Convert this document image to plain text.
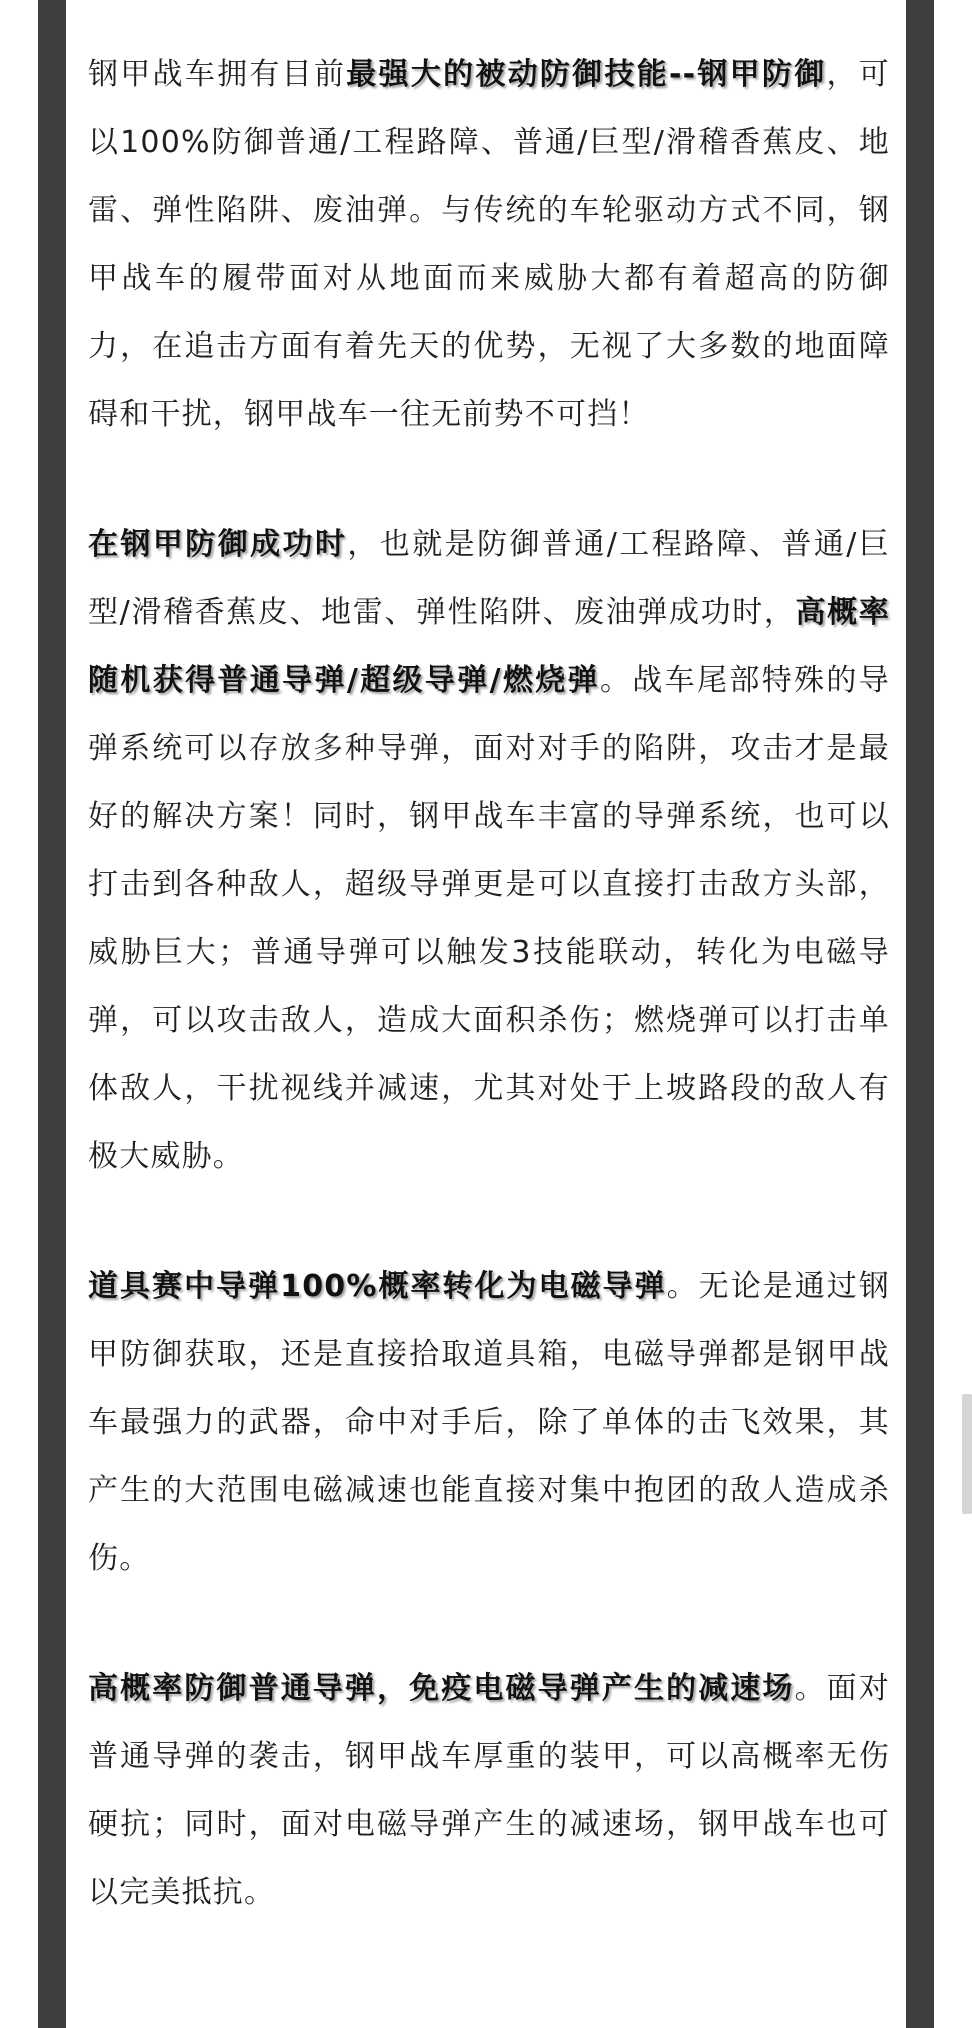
钢甲战车拥有目前最强大的被动防御技能--钢甲防御，可以100%防御普通/工程路障、普通/巨型/滑稽香蕉皮、地雷、弹性陷阱、废油弹。与传统的车轮驱动方式不同，钢甲战车的履带面对从地面而来威胁大都有着超高的防御力，在追击方面有着先天的优势，无视了大多数的地面障碍和干扰，钢甲战车一往无前势不可挡！

在钢甲防御成功时，也就是防御普通/工程路障、普通/巨型/滑稽香蕉皮、地雷、弹性陷阱、废油弹成功时，高概率随机获得普通导弹/超级导弹/燃烧弹。战车尾部特殊的导弹系统可以存放多种导弹，面对对手的陷阱，攻击才是最好的解决方案！同时，钢甲战车丰富的导弹系统，也可以打击到各种敌人，超级导弹更是可以直接打击敌方头部，威胁巨大；普通导弹可以触发3技能联动，转化为电磁导弹，可以攻击敌人，造成大面积杀伤；燃烧弹可以打击单体敌人，干扰视线并减速，尤其对处于上坡路段的敌人有极大威胁。

道具赛中导弹100%概率转化为电磁导弹。无论是通过钢甲防御获取，还是直接拾取道具箱，电磁导弹都是钢甲战车最强力的武器，命中对手后，除了单体的击飞效果，其产生的大范围电磁减速也能直接对集中抱团的敌人造成杀伤。

高概率防御普通导弹，免疫电磁导弹产生的减速场。面对普通导弹的袭击，钢甲战车厚重的装甲，可以高概率无伤硬抗；同时，面对电磁导弹产生的减速场，钢甲战车也可以完美抵抗。
